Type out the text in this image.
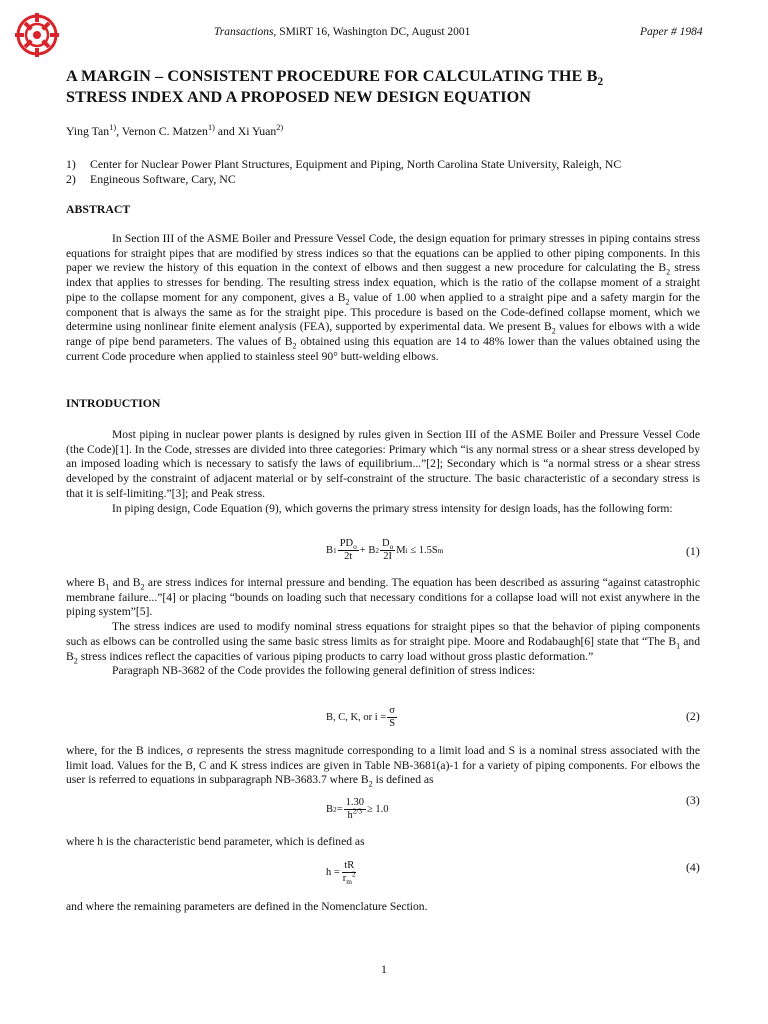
Transactions, SMiRT 16, Washington DC, August 2001	Paper # 1984
A MARGIN – CONSISTENT PROCEDURE FOR CALCULATING THE $B_2$
STRESS INDEX AND A PROPOSED NEW DESIGN EQUATION
Ying Tan$^{1)}$, Vernon C. Matzen$^{1)}$ and Xi Yuan$^{2)}$
1) Center for Nuclear Power Plant Structures, Equipment and Piping, North Carolina State University, Raleigh, NC
2) Engineous Software, Cary, NC
ABSTRACT
In Section III of the ASME Boiler and Pressure Vessel Code, the design equation for primary stresses in piping contains stress equations for straight pipes that are modified by stress indices so that the equations can be applied to other piping components. In this paper we review the history of this equation in the context of elbows and then suggest a new procedure for calculating the $B_2$ stress index that applies to stresses for bending. The resulting stress index equation, which is the ratio of the collapse moment of a straight pipe to the collapse moment for any component, gives a $B_2$ value of 1.00 when applied to a straight pipe and a safety margin for the component that is always the same as for the straight pipe. This procedure is based on the Code-defined collapse moment, which we determine using nonlinear finite element analysis (FEA), supported by experimental data. We present $B_2$ values for elbows with a wide range of pipe bend parameters. The values of $B_2$ obtained using this equation are 14 to 48% lower than the values obtained using the current Code procedure when applied to stainless steel 90° butt-welding elbows.
INTRODUCTION
Most piping in nuclear power plants is designed by rules given in Section III of the ASME Boiler and Pressure Vessel Code (the Code)[1]. In the Code, stresses are divided into three categories: Primary which “is any normal stress or a shear stress developed by an imposed loading which is necessary to satisfy the laws of equilibrium...”[2]; Secondary which is “a normal stress or a shear stress developed by the constraint of adjacent material or by self-constraint of the structure. The basic characteristic of a secondary stress is that it is self-limiting.”[3]; and Peak stress.
In piping design, Code Equation (9), which governs the primary stress intensity for design loads, has the following form:
B $1 \frac{PD_o}{2t} + B$ $2 \frac{D_o}{2I}$ M i
≤ 1.5S m	(1)
where $B_1$ and $B_2$ are stress indices for internal pressure and bending. The equation has been described as assuring “against catastrophic membrane failure...”[4] or placing “bounds on loading such that necessary conditions for a collapse load will not exist anywhere in the piping system”[5].
The stress indices are used to modify nominal stress equations for straight pipes so that the behavior of piping components such as elbows can be controlled using the same basic stress limits as for straight pipe. Moore and Rodabaugh[6] state that “The $B_1$ and $B_2$ stress indices reflect the capacities of various piping products to carry load without gross plastic deformation.”
Paragraph NB-3682 of the Code provides the following general definition of stress indices:
B, C, K, or $i = \frac{\sigma}{S}$	(2)
where, for the B indices, σ represents the stress magnitude corresponding to a limit load and S is a nominal stress associated with the limit load. Values for the B, C and K stress indices are given in Table NB-3681(a)-1 for a variety of piping components. For elbows the user is referred to equations in subparagraph NB-3683.7 where $B_2$ is defined as
B $2 = \frac{1.30}{h^{2/3}} \ge 1.0$
(3)
where h is the characteristic bend parameter, which is defined as
$h = \frac{tR}{r_m^2}$	(4)
and where the remaining parameters are defined in the Nomenclature Section.
1
